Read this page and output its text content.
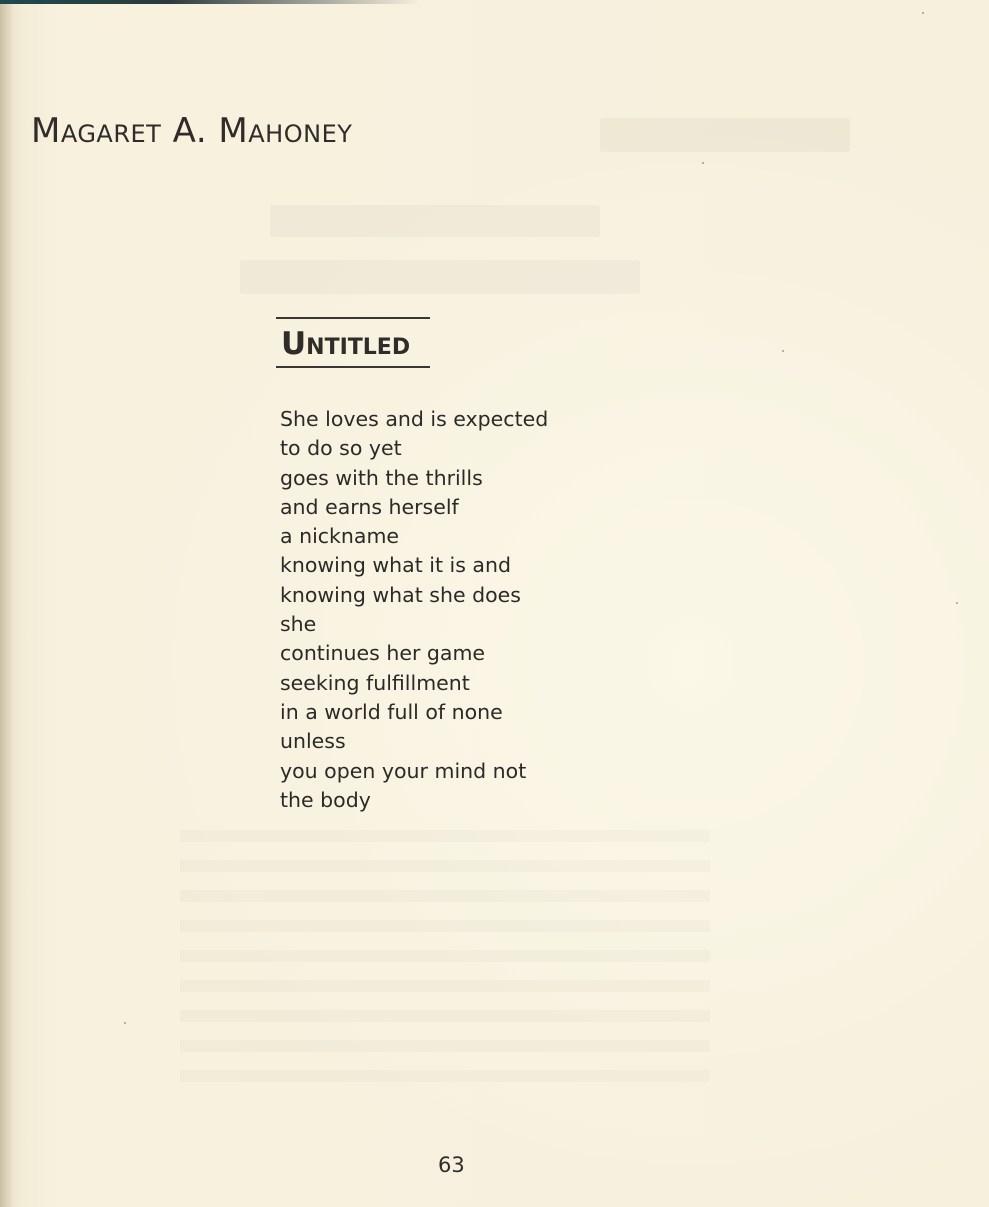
Magaret A. Mahoney
Untitled
She loves and is expected
to do so yet
goes with the thrills
and earns herself
a nickname
knowing what it is and
knowing what she does
she
continues her game
seeking fulfillment
in a world full of none
unless
you open your mind not
the body
63
